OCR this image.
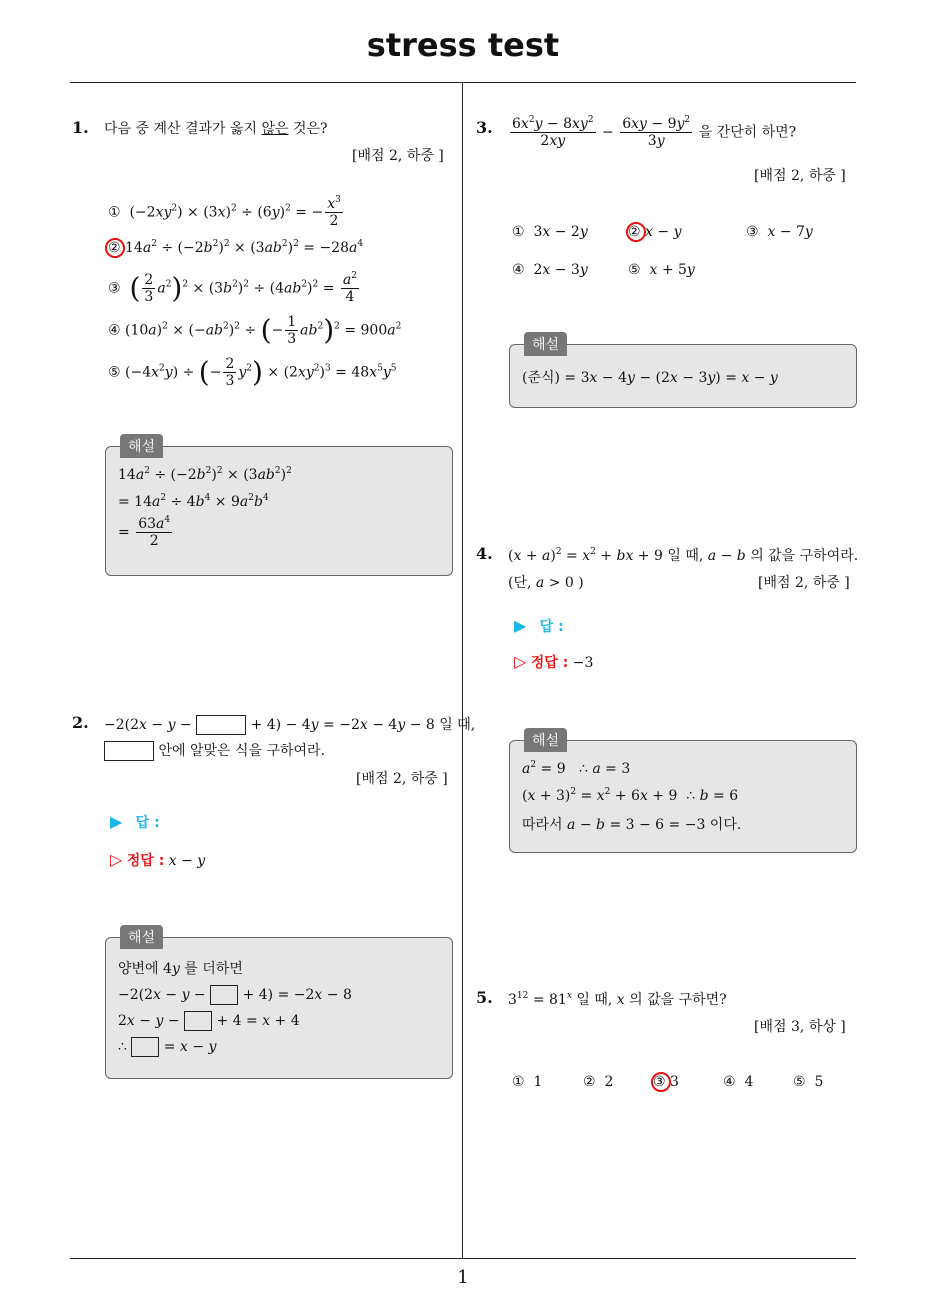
stress test
1
1. 다음 중 계산 결과가 옳지 않은 것은?
[배점 2, 하중 ]
①  $(-2xy^2) \times (3x)^2 \div (6y)^2$ = − $\frac{x^3}{2}$
② $14a^2 \div (-2b^2)^2 \times (3ab^2)^2 = -28a^4$
③ ( $\frac{2}{3} a^2)^2 \times (3b^2)^2 \div (4ab^2)^2 = \frac{a^2}{4}$
④ $(10a)^2 \times (-ab^2)^2$ ÷ (− $\frac{1}{3} ab^2)^2 = 900a^2$
⑤ $(-4x^2y)$ ÷ (− $\frac{2}{3} y^2) \times (2xy^2)^3 = 48x^5y^5$
해설
$14a^2 \div (-2b^2)^2 \times (3ab^2)^2$
= $14a^2 \div 4b^4 \times 9a^2b^4$
= $\frac{63a^4}{2}$
2. −2(2x − y −	+ 4) − 4y = −2x − 4y − 8 일 때,
안에 알맞은 식을 구하여라.
[배점 2, 하중 ]
▶ 답 :
▷ 정답 : x − y
해설
양변에 4y 를 더하면
−2(2x − y −  + 4) = −2x − 8
2x − y −  + 4 = x + 4
∴  = x − y
3. $\frac{6x^2y - 8xy^2}{2xy} - \frac{6xy - 9y^2}{3y}$ 을 간단히 하면?
[배점 2, 하중 ]
①  3x − 2y	② x − y	③ x − 7y
④  2x − 3y	⑤ x + 5y
해설
(준식) = 3x − 4y − (2x − 3y) = x − y
4. $(x + a)^2 = x^2$ + bx + 9 일 때, a − b 의 값을 구하여라.
(단, a > 0 )	[배점 2, 하중 ]
▶ 답 :
▷ 정답 : −3
해설
$a^2 = 9$   ∴ a = 3
$(x + 3)^2 = x^2 + 6x + 9$  ∴ b = 6
따라서 a − b = 3 − 6 = −3 이다.
5. $3^{12} = 81^x$ 일 때, x 의 값을 구하면?
[배점 3, 하상 ]
① 1	② 2	③ 3	④ 4	⑤ 5
